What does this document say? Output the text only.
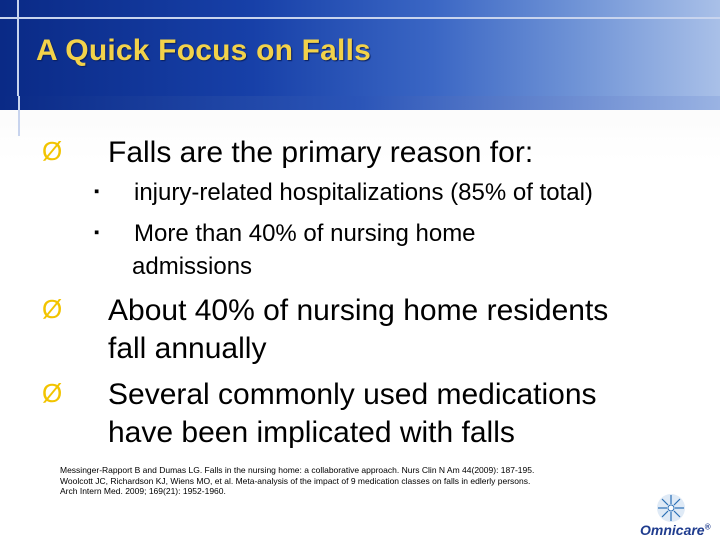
A Quick Focus on Falls
Ø	Falls are the primary reason for:
▪	injury-related hospitalizations (85% of total)
▪	More than 40% of nursing home
admissions
Ø	About 40% of nursing home residents
fall annually
Ø	Several commonly used medications
have been implicated with falls
Messinger-Rapport B and Dumas LG. Falls in the nursing home: a collaborative approach. Nurs Clin N Am 44(2009): 187-195.
Woolcott JC, Richardson KJ, Wiens MO, et al. Meta-analysis of the impact of 9 medication classes on falls in edlerly persons.
Arch Intern Med. 2009; 169(21): 1952-1960.
Omnicare®
